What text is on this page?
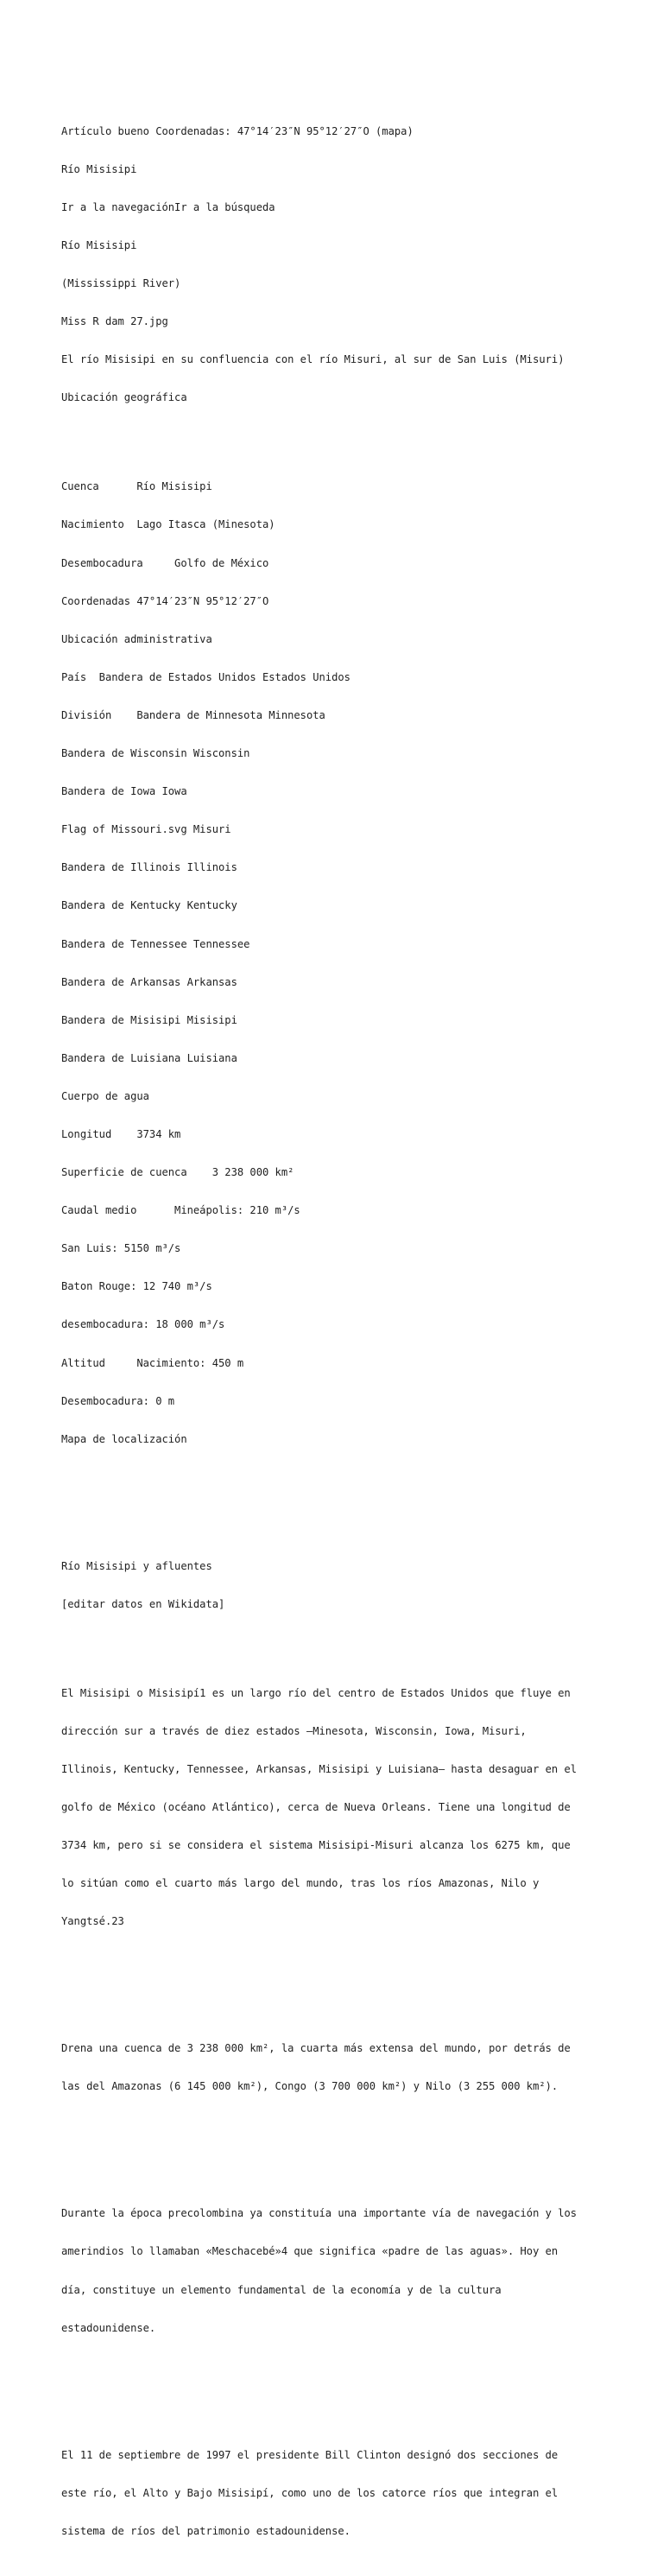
Artículo bueno Coordenadas: 47°14′23″N 95°12′27″O (mapa)

Río Misisipi

Ir a la navegaciónIr a la búsqueda

Río Misisipi

(Mississippi River)

Miss R dam 27.jpg

El río Misisipi en su confluencia con el río Misuri, al sur de San Luis (Misuri)

Ubicación geográfica

Cuenca      Río Misisipi

Nacimiento  Lago Itasca (Minesota)

Desembocadura     Golfo de México

Coordenadas 47°14′23″N 95°12′27″O

Ubicación administrativa

País  Bandera de Estados Unidos Estados Unidos

División    Bandera de Minnesota Minnesota

Bandera de Wisconsin Wisconsin

Bandera de Iowa Iowa

Flag of Missouri.svg Misuri

Bandera de Illinois Illinois

Bandera de Kentucky Kentucky

Bandera de Tennessee Tennessee

Bandera de Arkansas Arkansas

Bandera de Misisipi Misisipi

Bandera de Luisiana Luisiana

Cuerpo de agua

Longitud    3734 km

Superficie de cuenca    3 238 000 km²

Caudal medio      Mineápolis: 210 m³/s

San Luis: 5150 m³/s

Baton Rouge: 12 740 m³/s

desembocadura: 18 000 m³/s

Altitud     Nacimiento: 450 m

Desembocadura: 0 m

Mapa de localización

Río Misisipi y afluentes

[editar datos en Wikidata]

El Misisipi o Misisipí1 es un largo río del centro de Estados Unidos que fluye en

dirección sur a través de diez estados —Minesota, Wisconsin, Iowa, Misuri,

Illinois, Kentucky, Tennessee, Arkansas, Misisipi y Luisiana— hasta desaguar en el

golfo de México (océano Atlántico), cerca de Nueva Orleans. Tiene una longitud de

3734 km, pero si se considera el sistema Misisipi-Misuri alcanza los 6275 km, que

lo sitúan como el cuarto más largo del mundo, tras los ríos Amazonas, Nilo y

Yangtsé.23

Drena una cuenca de 3 238 000 km², la cuarta más extensa del mundo, por detrás de

las del Amazonas (6 145 000 km²), Congo (3 700 000 km²) y Nilo (3 255 000 km²).

Durante la época precolombina ya constituía una importante vía de navegación y los

amerindios lo llamaban «Meschacebé»4 que significa «padre de las aguas». Hoy en

día, constituye un elemento fundamental de la economía y de la cultura

estadounidense.

El 11 de septiembre de 1997 el presidente Bill Clinton designó dos secciones de

este río, el Alto y Bajo Misisipí, como uno de los catorce ríos que integran el

sistema de ríos del patrimonio estadounidense.
